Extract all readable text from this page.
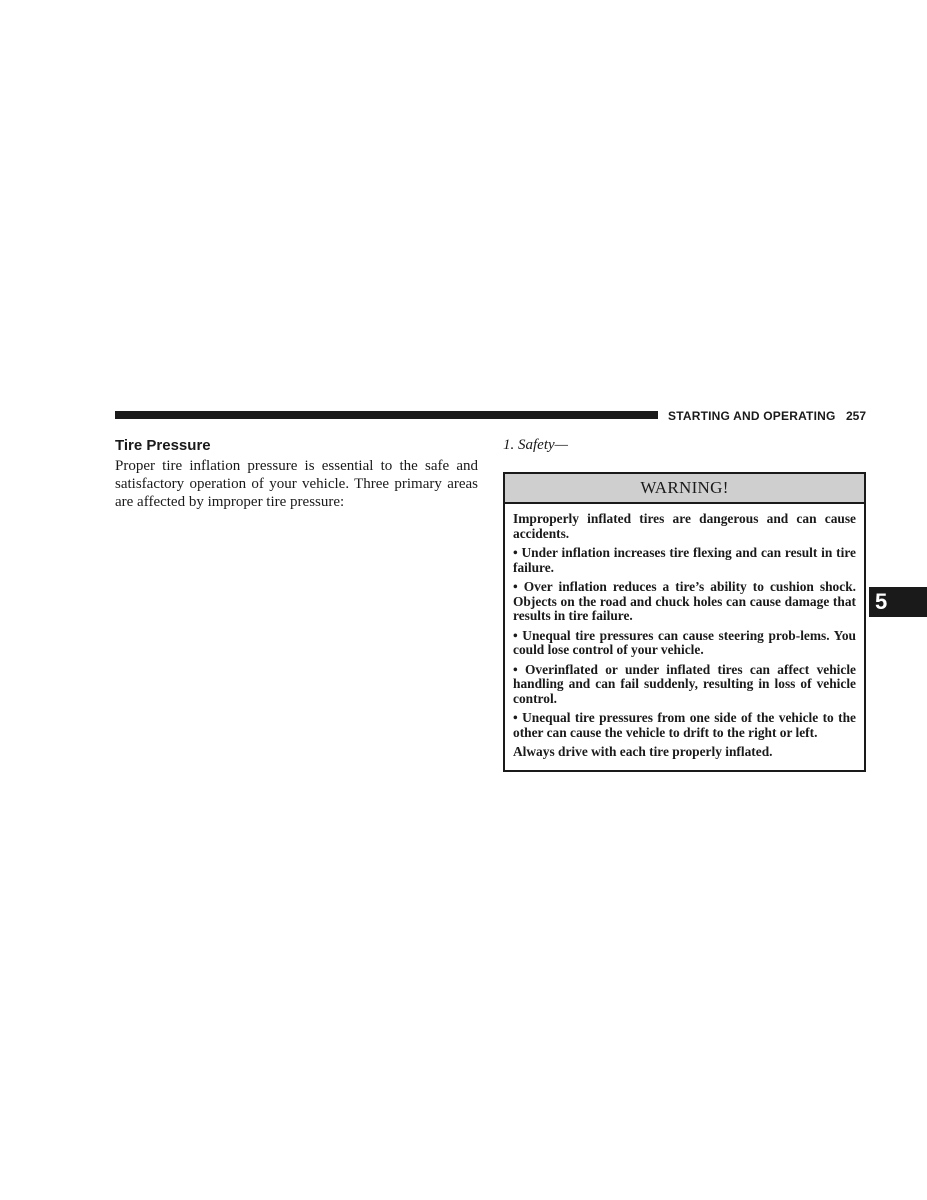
STARTING AND OPERATING 257
Tire Pressure

Proper tire inflation pressure is essential to the safe and satisfactory operation of your vehicle. Three primary areas are affected by improper tire pressure:

1. Safety—

WARNING!

Improperly inflated tires are dangerous and can cause accidents.

• Under inflation increases tire flexing and can result in tire failure.

• Over inflation reduces a tire’s ability to cushion shock. Objects on the road and chuck holes can cause damage that results in tire failure.

• Unequal tire pressures can cause steering prob-lems. You could lose control of your vehicle.

• Overinflated or under inflated tires can affect vehicle handling and can fail suddenly, resulting in loss of vehicle control.

• Unequal tire pressures from one side of the vehicle to the other can cause the vehicle to drift to the right or left.

Always drive with each tire properly inflated.

5
